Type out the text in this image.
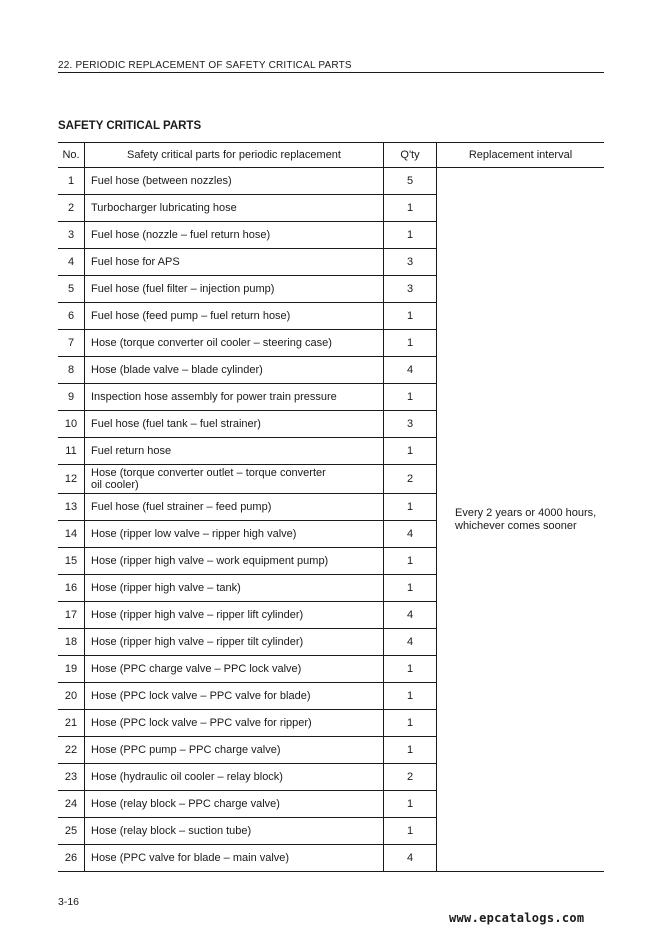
22. PERIODIC REPLACEMENT OF SAFETY CRITICAL PARTS
SAFETY CRITICAL PARTS
No.	Safety critical parts for periodic replacement	Q'ty	Replacement interval
1	Fuel hose (between nozzles)	5	Every 2 years or 4000 hours,
whichever comes sooner
2	Turbocharger lubricating hose	1	
3	Fuel hose (nozzle – fuel return hose)	1	
4	Fuel hose for APS	3	
5	Fuel hose (fuel filter – injection pump)	3	
6	Fuel hose (feed pump – fuel return hose)	1	
7	Hose (torque converter oil cooler – steering case)	1	
8	Hose (blade valve – blade cylinder)	4	
9	Inspection hose assembly for power train pressure	1	
10	Fuel hose (fuel tank – fuel strainer)	3	
11	Fuel return hose	1	
12	Hose (torque converter outlet – torque converter
oil cooler)	2	
13	Fuel hose (fuel strainer – feed pump)	1	
14	Hose (ripper low valve – ripper high valve)	4	
15	Hose (ripper high valve – work equipment pump)	1	
16	Hose (ripper high valve – tank)	1	
17	Hose (ripper high valve – ripper lift cylinder)	4	
18	Hose (ripper high valve – ripper tilt cylinder)	4	
19	Hose (PPC charge valve – PPC lock valve)	1	
20	Hose (PPC lock valve – PPC valve for blade)	1	
21	Hose (PPC lock valve – PPC valve for ripper)	1	
22	Hose (PPC pump – PPC charge valve)	1	
23	Hose (hydraulic oil cooler – relay block)	2	
24	Hose (relay block – PPC charge valve)	1	
25	Hose (relay block – suction tube)	1	
26	Hose (PPC valve for blade – main valve)	4	
3-16
www.epcatalogs.com
